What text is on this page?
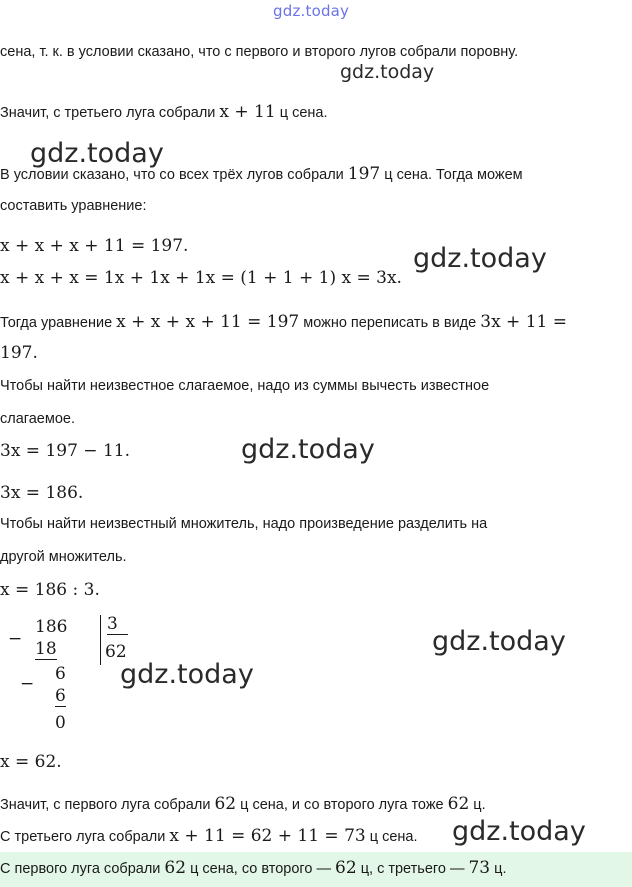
gdz.today
gdz.today
gdz.today
gdz.today
gdz.today
gdz.today
gdz.today
сена, т. к. в условии сказано, что с первого и второго лугов собрали поровну.
Значит, с третьего луга собрали x + 11 ц сена.
В условии сказано, что со всех трёх лугов собрали 197 ц сена. Тогда можем
составить уравнение:
x + x + x + 11 = 197.
x + x + x = 1x + 1x + 1x = (1 + 1 + 1) x = 3x.
Тогда уравнение x + x + x + 11 = 197 можно переписать в виде 3x + 11 =
197.
Чтобы найти неизвестное слагаемое, надо из суммы вычесть известное
слагаемое.
3x = 197 − 11.
3x = 186.
Чтобы найти неизвестный множитель, надо произведение разделить на
другой множитель.
x = 186 : 3.
−
186
18
− 6
6
0
3
62
x = 62.
Значит, с первого луга собрали 62 ц сена, и со второго луга тоже 62 ц.
С третьего луга собрали x + 11 = 62 + 11 = 73 ц сена. gdz.today
С первого луга собрали 62 ц сена, со второго — 62 ц, с третьего — 73 ц.
